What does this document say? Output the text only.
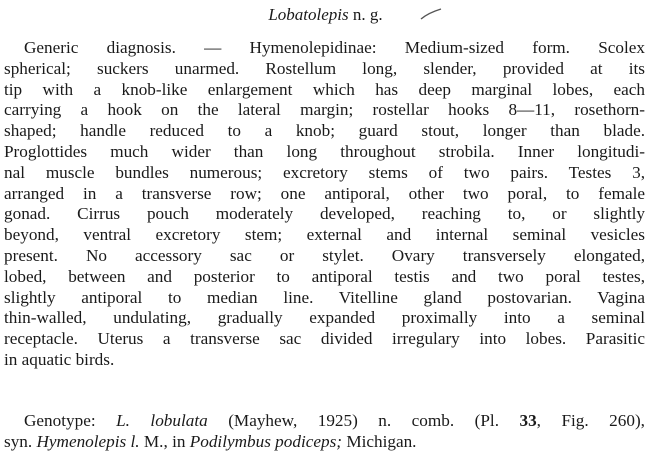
Lobatolepis n. g.
Generic diagnosis. — Hymenolepidinae: Medium-sized form. Scolex
spherical; suckers unarmed. Rostellum long, slender, provided at its
tip with a knob-like enlargement which has deep marginal lobes, each
carrying a hook on the lateral margin; rostellar hooks 8—11, rosethorn-
shaped; handle reduced to a knob; guard stout, longer than blade.
Proglottides much wider than long throughout strobila. Inner longitudi-
nal muscle bundles numerous; excretory stems of two pairs. Testes 3,
arranged in a transverse row; one antiporal, other two poral, to female
gonad. Cirrus pouch moderately developed, reaching to, or slightly
beyond, ventral excretory stem; external and internal seminal vesicles
present. No accessory sac or stylet. Ovary transversely elongated,
lobed, between and posterior to antiporal testis and two poral testes,
slightly antiporal to median line. Vitelline gland postovarian. Vagina
thin-walled, undulating, gradually expanded proximally into a seminal
receptacle. Uterus a transverse sac divided irregulary into lobes. Parasitic
in aquatic birds.
Genotype: L. lobulata (Mayhew, 1925) n. comb. (Pl. 33, Fig. 260),
syn. Hymenolepis l. M., in Podilymbus podiceps; Michigan.
